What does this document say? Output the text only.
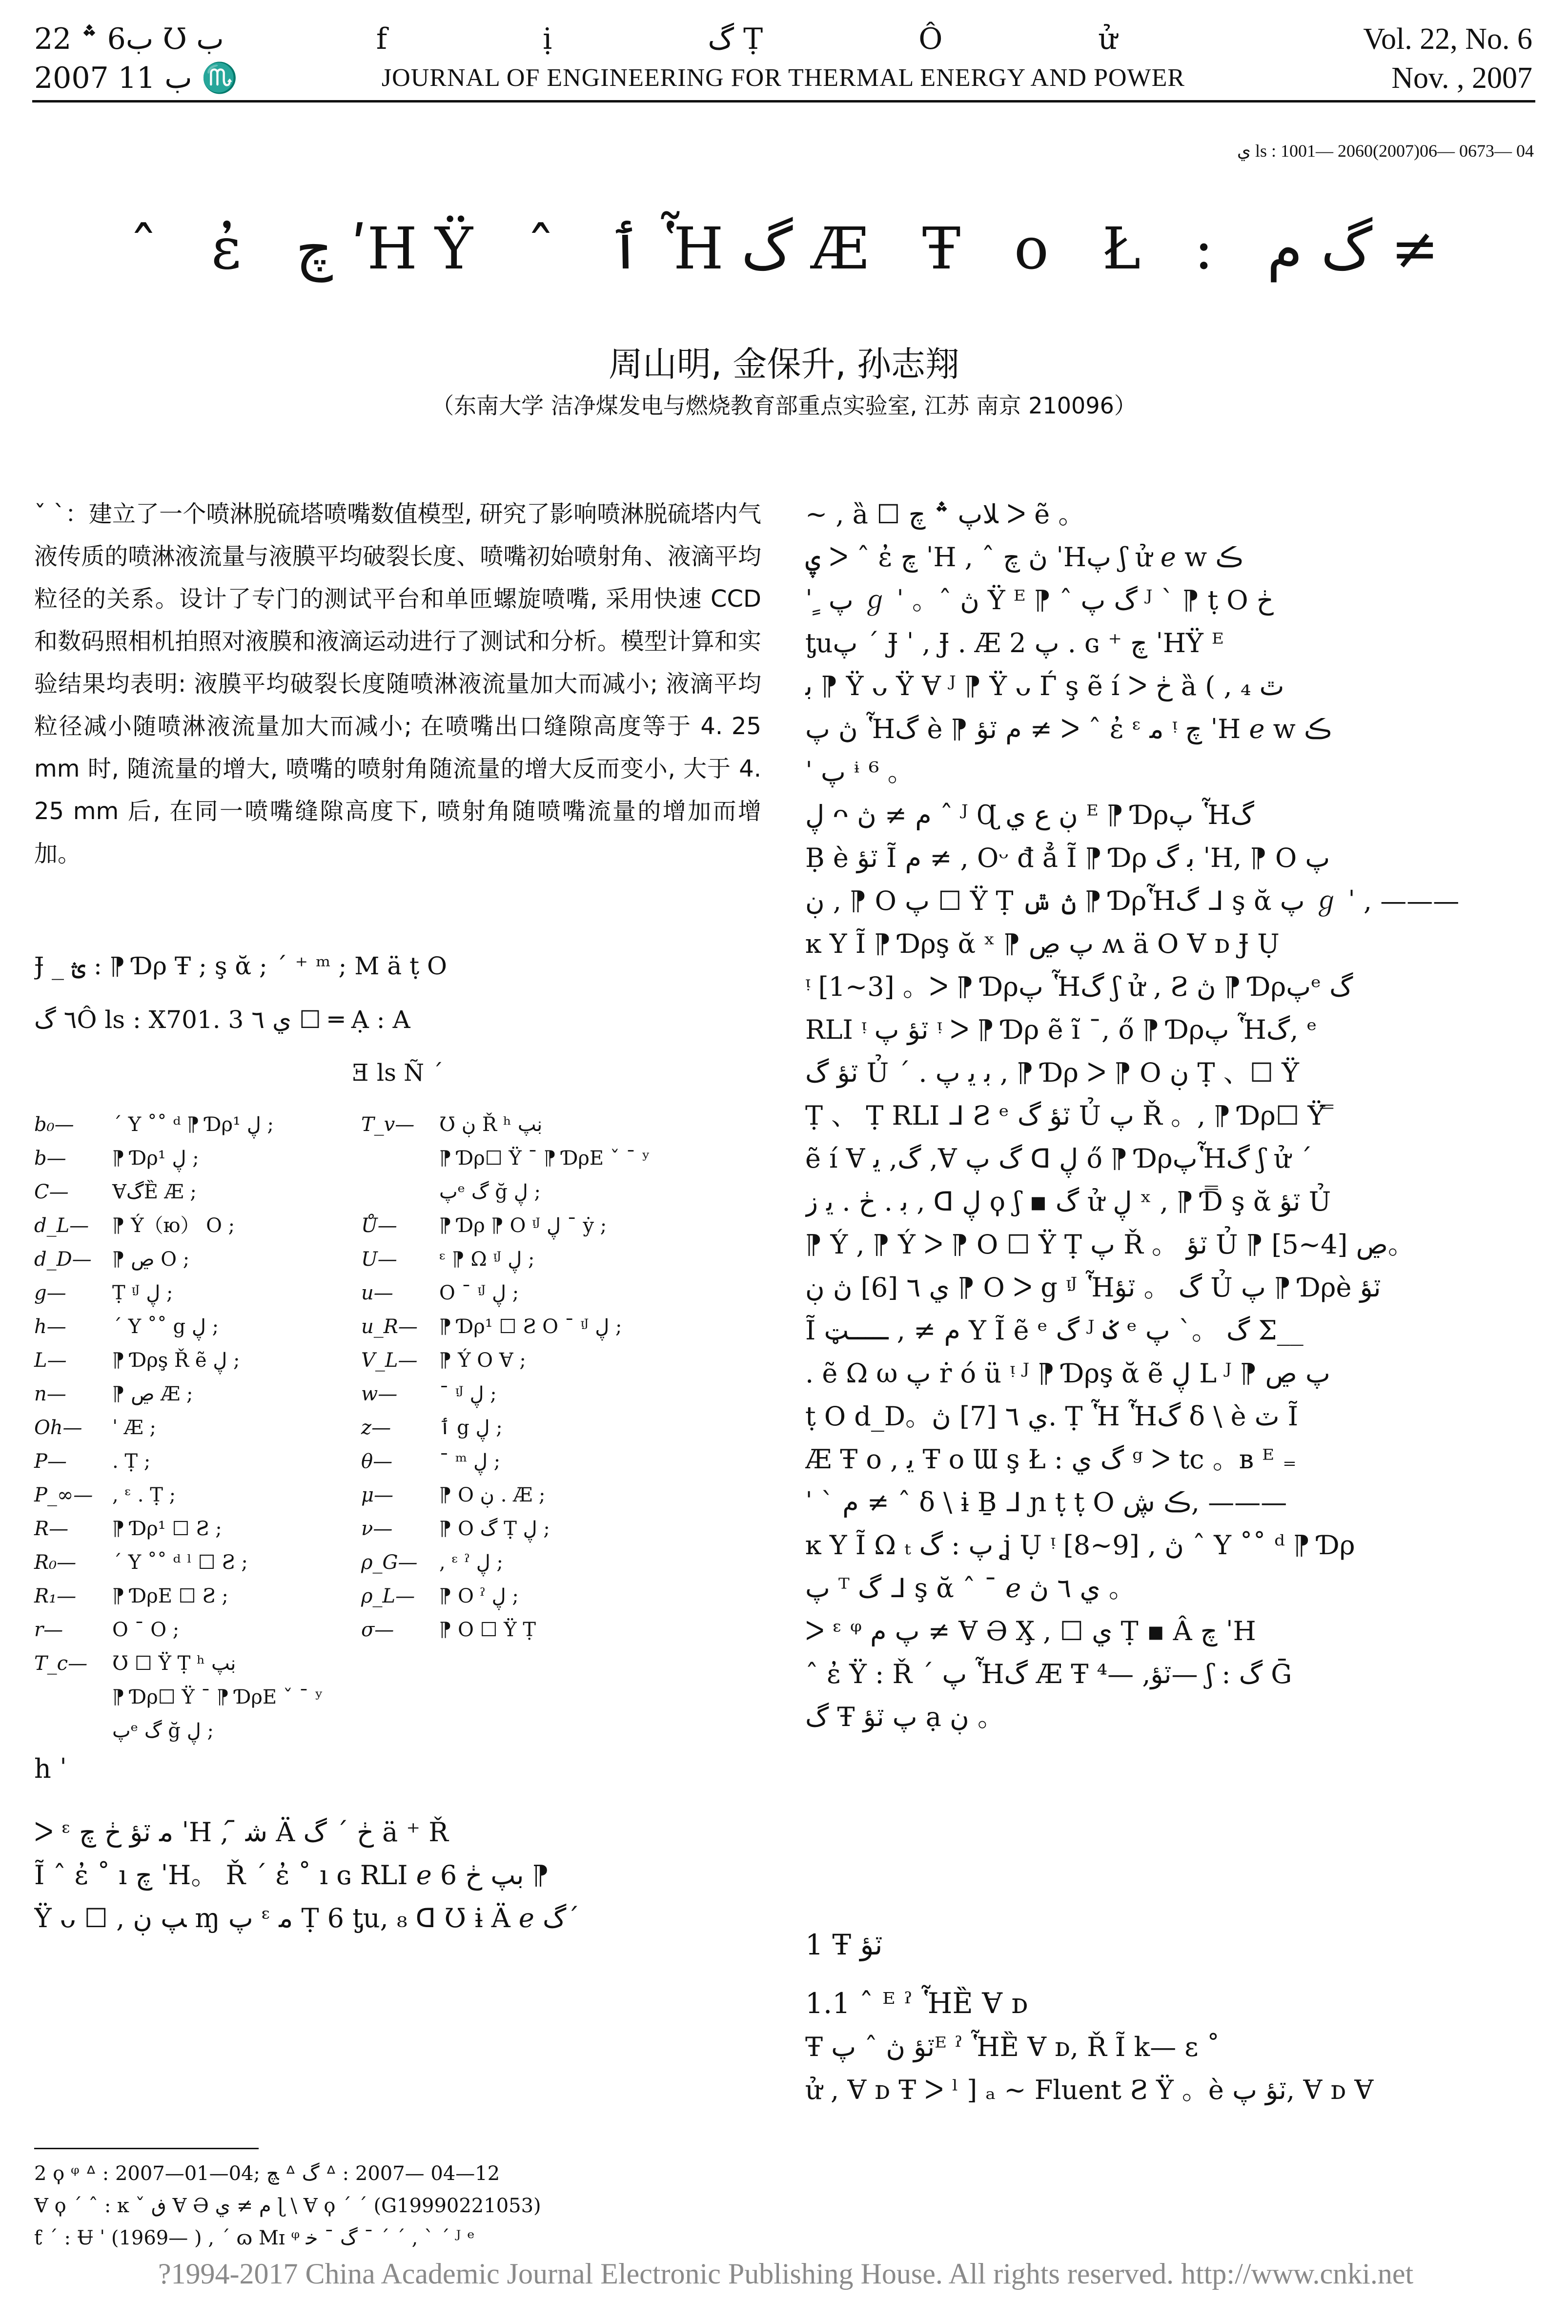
ب6 ؞ 22 Ʊ ب
2007 ب 11 ♏
f ị گ Ṭ Ô ử
JOURNAL OF ENGINEERING FOR THERMAL ENERGY AND POWER
Vol. 22, No. 6
Nov. , 2007
ي ls : 1001— 2060(2007)06— 0673— 04
ˆ ἐ چ ʹΗΫ ˆ ٲ Ἧگ Æ Ŧ o Ł : گ م ≠
周山明, 金保升, 孙志翔
（东南大学 洁净煤发电与燃烧教育部重点实验室, 江苏 南京 210096）

ˇ ˋ：建立了一个喷淋脱硫塔喷嘴数值模型, 研究了影响喷淋脱硫塔内气液传质的喷淋液流量与液膜平均破裂长度、喷嘴初始喷射角、液滴平均粒径的关系。设计了专门的测试平台和单匝螺旋喷嘴, 采用快速 CCD 和数码照相机拍照对液膜和液滴运动进行了测试和分析。模型计算和实验结果均表明: 液膜平均破裂长度随喷淋液流量加大而减小; 液滴平均粒径减小随喷淋液流量加大而减小; 在喷嘴出口缝隙高度等于 4. 25 mm 时, 随流量的增大, 喷嘴的喷射角随流量的增大反而变小, 大于 4. 25 mm 后, 在同一喷嘴缝隙高度下, 喷射角随喷嘴流量的增加而增加。

Ɉ _ ؿ : ⁋ Ɗρ Ŧ ; ş ᾰ ; ˊ ⁺ ᵐ ; M ä ṭ O
٦ گÔ ls : X701. 3 ي ٦ ☐ ═ Ạ : A
Ǝ ls Ñ ˊ
b₀— ˊ Y ˚˚ ᵈ ⁋ Ɗρ¹ ڸ ;
b— ⁋ Ɗρ¹ ڸ ;
C— ⱯگȄ Æ ;
d_L— ⁋ Ý（ю） O ;
d_D— ⁋ ڝ O ;
g— Ṭ ᵎᴶ ڸ ;
h— ˊ Y ˚˚ g ڸ ;
L— ⁋ Ɗρş Ř ẽ ڸ ;
n— ⁋ ڝ Æ ;
Oh— ˈ Æ ;
P— . Ṭ ;
P_∞— , ᵋ . Ṭ ;
R— ⁋ Ɗρ¹ ☐ Ƨ ;
R₀— ˊ Y ˚˚ ᵈ ˡ ☐ Ƨ ;
R₁— ⁋ ƊρE ☐ Ƨ ;
r—	O ˉ O ;
T_c— Ʊ ☐ Ÿ Ṭ ʰ ڹپ
⁋ Ɗρ☐ Ÿ ˉ ⁋ ƊρE ˇ ˉ ʸ
پᵉ گ ğ ڸ ;
T_v— Ʊ ڹ Ř ʰ ڹپ
⁋ Ɗρ☐ Ÿ ˉ ⁋ ƊρE ˇ ˉ ʸ
پᵉ گ ğ ڸ ;
Ů— ⁋ Ɗρ ⁋ O ᵎᴶ ڸ ˉ ẏ ;
U— ᵋ ⁋ Ω ᵎᴶ ڸ ;
u— O ˉ ᵎᴶ ڸ ;
u_R— ⁋ Ɗρ¹ ☐ Ƨ O ˉ ᵎᴶ ڸ ;
V_L— ⁋ Ý O Ɐ ;
w— ˉ ᵎᴶ ڸ ;
z— ٲ g ڸ ;
θ— ˉ ᵐ ڸ ;
μ— ⁋ O ڹ . Æ ;
ν— ⁋ O گ Ṭ ڸ ;
ρ_G— , ᵋ ˀ ڸ ;
ρ_L— ⁋ O ˀ ڸ ;
σ— ⁋ O ☐ Ÿ Ṭ
h ˈ
ᐳ ᵋ ﻣ ٽؤ ڂ چ ˈΗ , ᷇ ﺷ Ä ڂ ˊ گ ä ⁺ Ř
Ĩ ˆ ἐ ˚ ı چ ˈΗ。 Ř ˊ ἐ ˚ ı ɢ RLI ℯ 6 بپ ڂ ⁋
Ÿ ᴗ ☐ , ﭗ ڹ ɱ پ ᵋ ﻣ Ṭ 6 ƫu, ₈ ᗡ Ʊ ɨ Ä ℯ گˊ
2 ϙ ᵠ ᐞ : 2007—01—04; ﭻ ᐞ گ ᐞ : 2007— 04—12
Ɐ ϙ ˊ ˆ : ĸ ˇ ڧ Ɐ Ə م ≠ ي ɭ \ Ɐ ϙ ˊ ˊ (G19990221053)
ƭ ˊ : Ʉ ˈ (1969— ) , ˊ ɷ Mɪ ᵠ گ ˉ ﺧ ˉ ˊ ˊ , ˋ ˊ ᴶ ᵉ
~ , ȁ ☐ ﻼپ ؞ ﭺ ᐳ ẽ 。
ۑ ᐳ ˆ ἐ چ ˈΗ , ˆ ڽ چ ˈΗپ ʃ ử ℯ w ڪ
ˈ ٍ پ ℊ ˈ 。ˆ ڽ Ÿ ᴱ ⁋ ˆ گ پ ᴶ ˋ ⁋ ṭ O ڂ
ƫuپ ˊ Ɉ ˈ , Ɉ . Æ پ 2 . ɢ ⁺ چ ˈΗŸ ᴱ
ﺑ ⁋ Ÿ ᴗ Ÿ Ɐ ᴶ ⁋ Ÿ ᴗ Ѓ ş ẽ í ᐳ ڂ ȁ ( , ₄ ٿ
ڽ پ Ἧگ è ⁋ م ٽؤ ≠ ᐳ ˆ ἐ ᵋ ﻣ ᵎ چ ˈΗ ℯ w ڪ
ˈ پ ᶤ ⁶ 。
ڸ ᴖ م ≠ ڽ ˆ ᴶ Ɋ ڹ ﻉ ﻱ ᴱ ⁋ Ɗρپ Ἧگ
Ḅ è ٽؤ Ĩ م ≠ , Oᵕ đ ẳ Ĩ ⁋ Ɗρ ﺑ گ ˈΗ, ⁋ O پ
ڹ , ⁋ O پ ☐ Ÿ Ṭ ڽ ݜ ⁋ ƊρἯگ ᒧ ş ᾰ پ ℊ ˈ , ———
ĸ Y Ĩ ⁋ Ɗρş ᾰ ˣ ⁋ پ ڝ ʍ ä O Ɐ ᴅ Ɉ Ụ
ᵎ [1~3] 。ᐳ ⁋ Ɗρپ Ἧگ ʃ ử , Ƨ ڽ ⁋ Ɗρپᵉ گ
RLI ᵎ ٽؤ پ ᵎ ᐳ ⁋ Ɗρ ẽ ĩ ˉ, ő ⁋ Ɗρپ Ἧگ, ᵉ
ٽؤ گ Ủ ˊ . ﺑ ﯾ ﭖ , ⁋ Ɗρ ᐳ ⁋ O ڹ Ṭ 、☐ Ÿ
Ṭ 、 Ṭ RLI ᒧ Ƨ ᵉ ٽؤ گ Ủ پ Ř 。, ⁋ Ɗρ☐ Ÿ ̿
ẽ í Ɐ گ, ﯾ ,Ɐ گ پ ᗡ ڸ ő ⁋ ƊρپἯگ ʃ ử ˊ
ﺑ . ڂ . ﯾ ز , ᗡ ڸ ϙ ʃ ▪ گ ử ڸ ˣ , ⁋ Ɗ̿ ş ᾰ ٽؤ Ủ
⁋ Ý , ⁋ Ý ᐳ ⁋ O ☐ Ÿ Ṭ پ Ř 。 ٽؤ Ủ ⁋ ڝ [4~5]。
ي ٦ [6] ڽ ڹ ⁋ O ᐳ g ᵎᴶ Ἧگ 。 ٽؤ Ủ پ ⁋ Ɗρè ٽؤ
Ĩ م ≠ , ـــــټ Y Ĩ ẽ ᵉ گ ᴶ ݢ ᵉ گ 。ˋ پ Σ__
. ẽ Ω ω پ ṙ ó ü ᵎ ᴶ ⁋ Ɗρş ᾰ ẽ ڸ L ᴶ ⁋ پ ڝ
ṭ O d_D。ي ٦ [7] ڽ. Ṭ Ἧ Ἧگ δ \ è ٽ Ĩ
Æ Ŧ o , ﯾ Ŧ o Ɯ ş Ł : گ ي ᵍ ᐳ tc 。ʙ ᴱ ₌
ˈ ˋ م ≠ ˆ δ \ ɨ Ḇ ᒧ ɲ ṭ ṭ O ڪ ڜ, ———
ĸ Y Ĩ Ω ₜ پ : گ ʝ Ụ ᵎ [8~9] , ڽ ˆ Y ˚˚ ᵈ ⁋ Ɗρ
پ ᵀ گ ᒧ ş ᾰ ˆ ˉ ℯ ي ٦ ڽ 。
ᐳ ᵋ ᵠ پ م ≠ Ɐ Ə X̧ , ☐ ي Ṭ ▪ Â چ ˈΗ
ˆ ἐ Ÿ : Ř ˊ پ Ἧگ Æ Ŧ ٽؤ, —⁴— ʃ : گ Ḡ
گ Ŧ پ ٽؤ ạ ڹ 。
1 Ŧ ٽؤ
1.1 ˆ ᴱ ˀ ἯȄ Ɐ ᴅ
Ŧ ٽؤ ڽ ˆ پᴱ ˀ ἯȄ Ɐ ᴅ, Ř Ĩ k— ɛ ˚
ử , Ɐ ᴅ Ŧ ᐳ ˡ ] ₐ ~ Fluent Ƨ Ÿ 。è ٽؤ پ, Ɐ ᴅ Ɐ
?1994-2017 China Academic Journal Electronic Publishing House. All rights reserved. http://www.cnki.net
